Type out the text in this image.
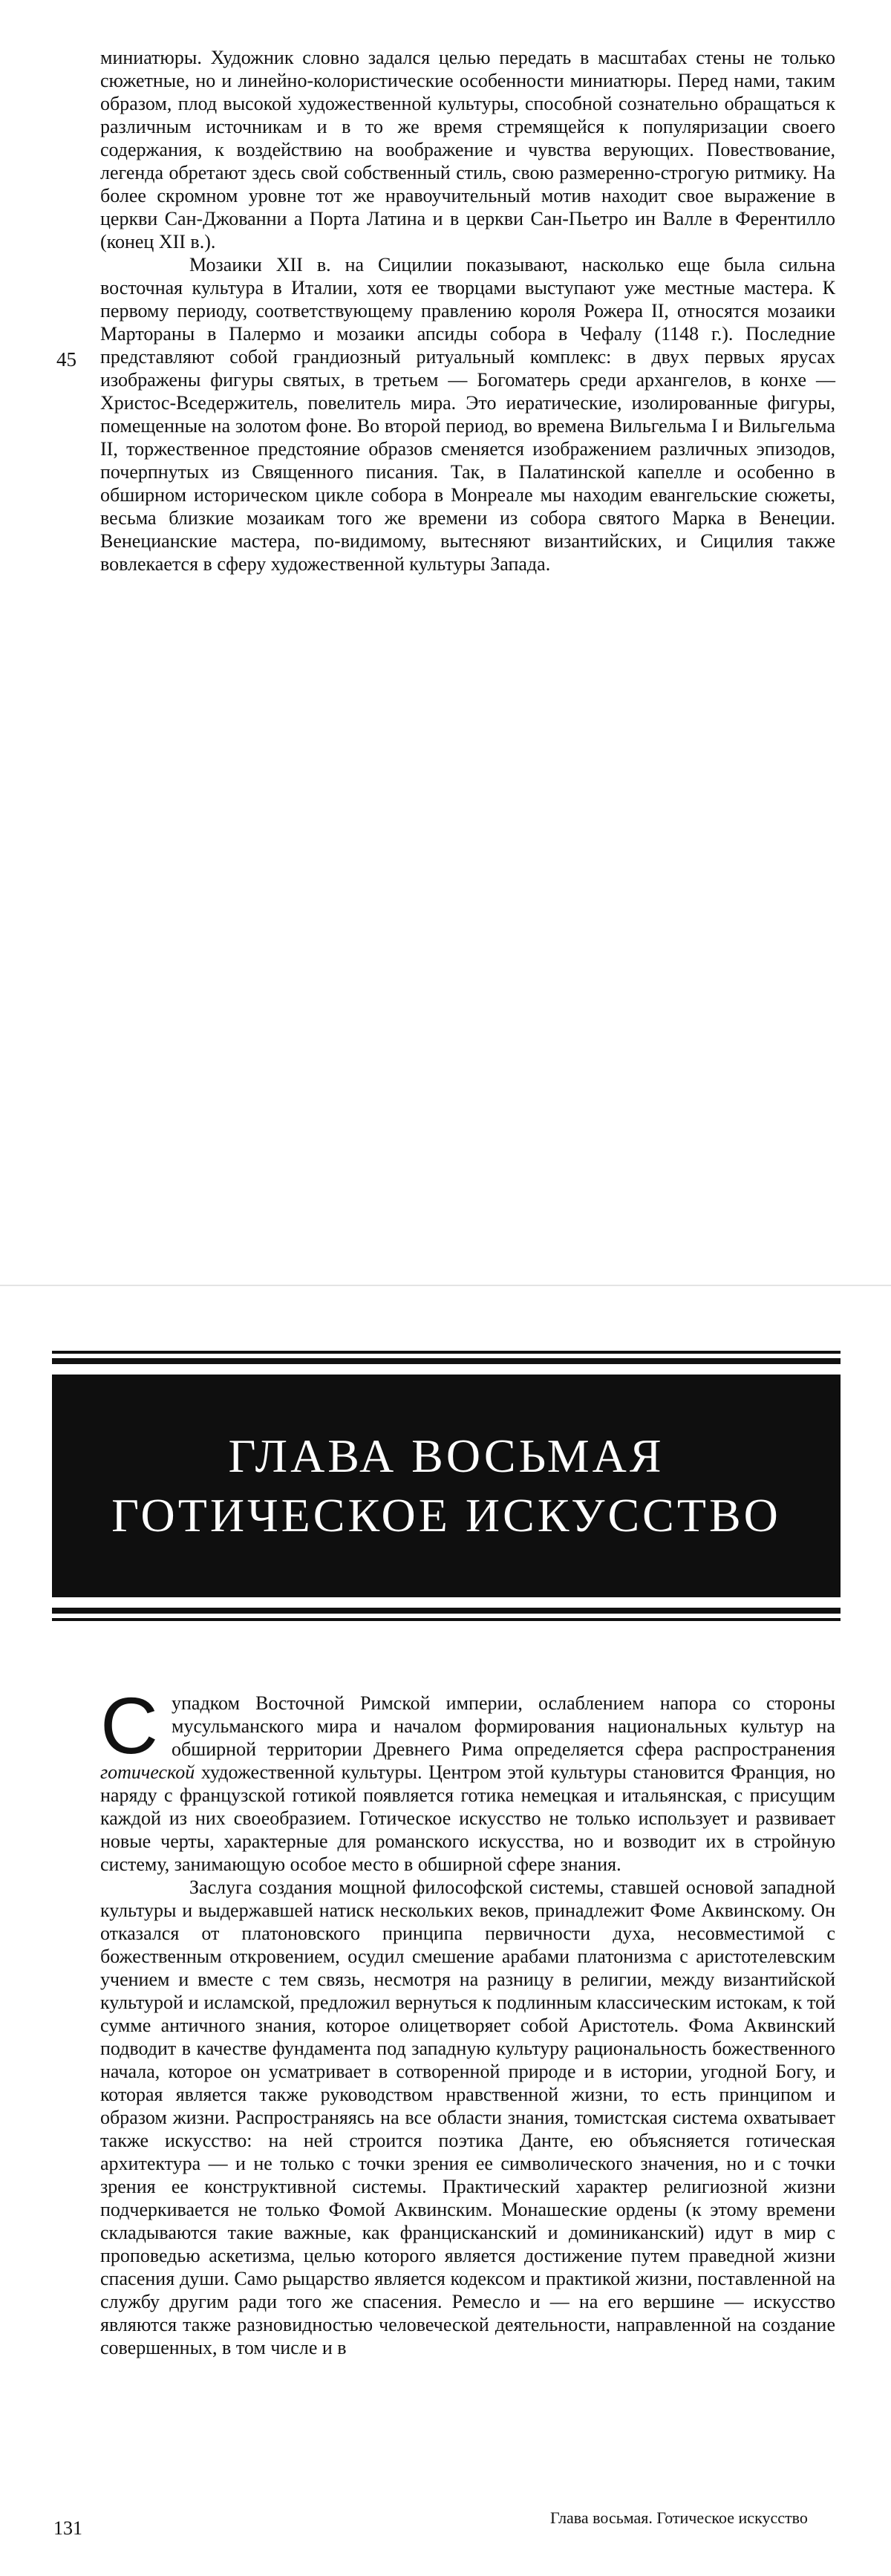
45

миниатюры. Художник словно задался целью передать в масштабах стены не только сюжетные, но и линейно-колористические особенности миниатюры. Перед нами, таким образом, плод высокой художественной культуры, способной сознательно обращаться к различным источникам и в то же время стремящейся к популяризации своего содержания, к воздействию на воображение и чувства верующих. Повествование, легенда обретают здесь свой собственный стиль, свою размеренно-строгую ритмику. На более скромном уровне тот же нравоучительный мотив находит свое выражение в церкви Сан-Джованни а Порта Латина и в церкви Сан-Пьетро ин Валле в Ферентилло (конец XII в.).

Мозаики XII в. на Сицилии показывают, насколько еще была сильна восточная культура в Италии, хотя ее творцами выступают уже местные мастера. К первому периоду, соответствующему правлению короля Рожера II, относятся мозаики Мартораны в Палермо и мозаики апсиды собора в Чефалу (1148 г.). Последние представляют собой грандиозный ритуальный комплекс: в двух первых ярусах изображены фигуры святых, в третьем — Богоматерь среди архангелов, в конхе — Христос-Вседержитель, повелитель мира. Это иератические, изолированные фигуры, помещенные на золотом фоне. Во второй период, во времена Вильгельма I и Вильгельма II, торжественное предстояние образов сменяется изображением различных эпизодов, почерпнутых из Священного писания. Так, в Палатинской капелле и особенно в обширном историческом цикле собора в Монреале мы находим евангельские сюжеты, весьма близкие мозаикам того же времени из собора святого Марка в Венеции. Венецианские мастера, по-видимому, вытесняют византийских, и Сицилия также вовлекается в сферу художественной культуры Запада.

ГЛАВА ВОСЬМАЯ
ГОТИЧЕСКОЕ ИСКУССТВО

Супадком Восточной Римской империи, ослаблением напора со стороны мусульманского мира и началом формирования национальных культур на обширной территории Древнего Рима определяется сфера распространения готической художественной культуры. Центром этой культуры становится Франция, но наряду с французской готикой появляется готика немецкая и итальянская, с присущим каждой из них своеобразием. Готическое искусство не только использует и развивает новые черты, характерные для романского искусства, но и возводит их в стройную систему, занимающую особое место в обширной сфере знания.

Заслуга создания мощной философской системы, ставшей основой западной культуры и выдержавшей натиск нескольких веков, принадлежит Фоме Аквинскому. Он отказался от платоновского принципа первичности духа, несовместимой с божественным откровением, осудил смешение арабами платонизма с аристотелевским учением и вместе с тем связь, несмотря на разницу в религии, между византийской культурой и исламской, предложил вернуться к подлинным классическим истокам, к той сумме античного знания, которое олицетворяет собой Аристотель. Фома Аквинский подводит в качестве фундамента под западную культуру рациональность божественного начала, которое он усматривает в сотворенной природе и в истории, угодной Богу, и которая является также руководством нравственной жизни, то есть принципом и образом жизни. Распространяясь на все области знания, томистская система охватывает также искусство: на ней строится поэтика Данте, ею объясняется готическая архитектура — и не только с точки зрения ее символического значения, но и с точки зрения ее конструктивной системы. Практический характер религиозной жизни подчеркивается не только Фомой Аквинским. Монашеские ордены (к этому времени складываются такие важные, как францисканский и доминиканский) идут в мир с проповедью аскетизма, целью которого является достижение путем праведной жизни спасения души. Само рыцарство является кодексом и практикой жизни, поставленной на службу другим ради того же спасения. Ремесло и — на его вершине — искусство являются также разновидностью человеческой деятельности, направленной на создание совершенных, в том числе и в

131	Глава восьмая. Готическое искусство
